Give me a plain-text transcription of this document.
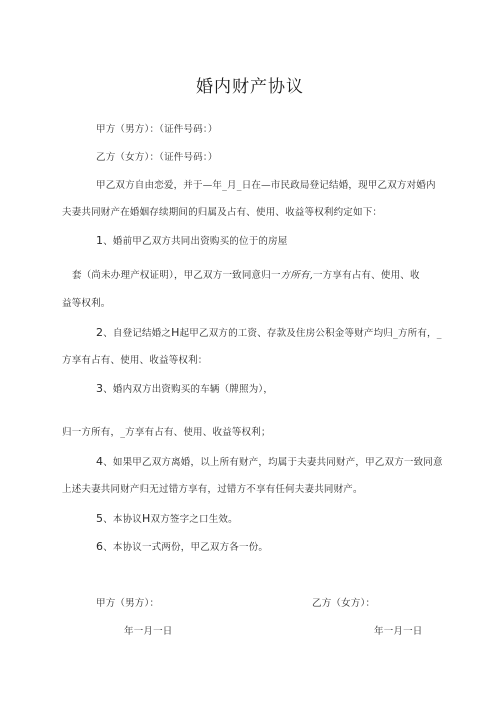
婚内财产协议
甲方（男方）：（证件号码：）
乙方（女方）：（证件号码：）
甲乙双方自由恋爱，并于—年_月_日在—市民政局登记结婚，现甲乙双方对婚内
夫妻共同财产在婚姻存续期间的归属及占有、使用、收益等权利约定如下：
1、婚前甲乙双方共同出资购买的位于的房屋
套（尚未办理产权证明），甲乙双方一致同意归一方所有,一方享有占有、使用、收
益等权利。
2、自登记结婚之H起甲乙双方的工资、存款及住房公积金等财产均归_方所有，_
方享有占有、使用、收益等权利：
3、婚内双方出资购买的车辆（牌照为），
归一方所有，_方享有占有、使用、收益等权利；
4、如果甲乙双方离婚，以上所有财产，均属于夫妻共同财产，甲乙双方一致同意
上述夫妻共同财产归无过错方享有，过错方不享有任何夫妻共同财产。
5、本协议H双方签字之口生效。
6、本协议一式两份，甲乙双方各一份。
甲方（男方）：	乙方（女方）：
年一月一日	年一月一日
